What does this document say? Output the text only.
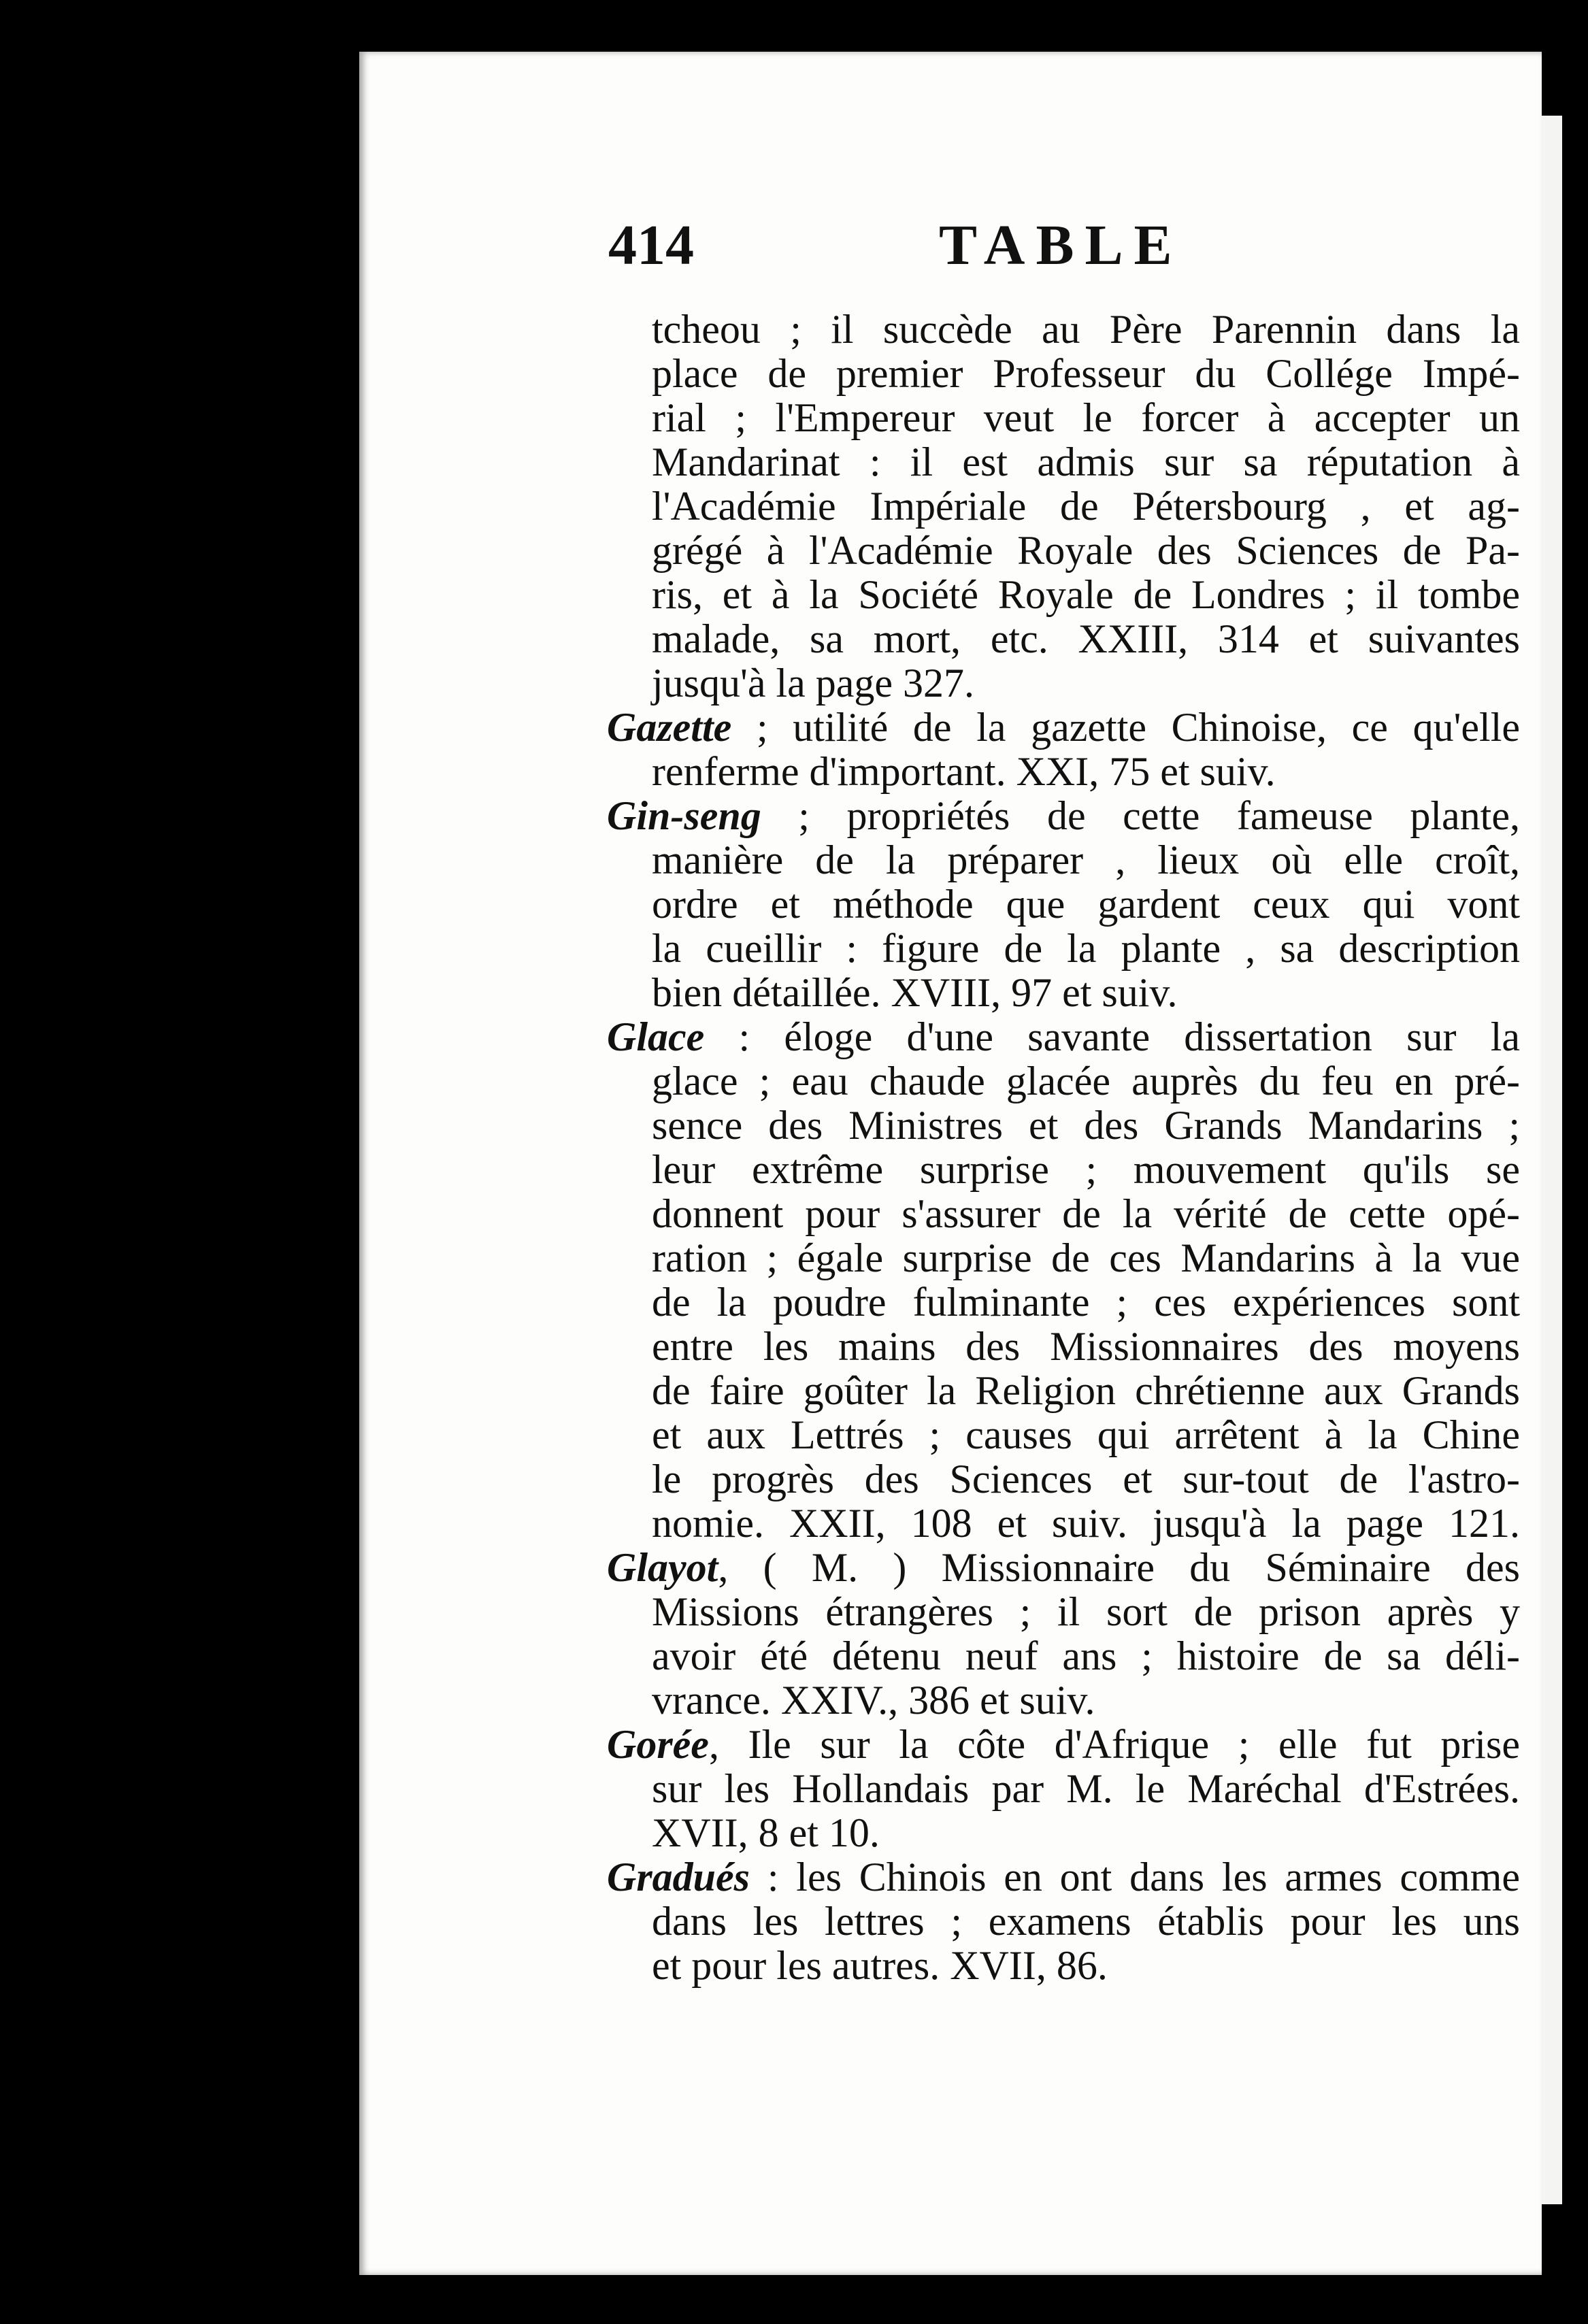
414	TABLE
tcheou ; il succède au Père Parennin dans la
place de premier Professeur du Collége Impé-
rial ; l'Empereur veut le forcer à accepter un
Mandarinat : il est admis sur sa réputation à
l'Académie Impériale de Pétersbourg , et ag-
grégé à l'Académie Royale des Sciences de Pa-
ris, et à la Société Royale de Londres ; il tombe
malade, sa mort, etc. XXIII, 314 et suivantes
jusqu'à la page 327.
Gazette ; utilité de la gazette Chinoise, ce qu'elle
renferme d'important. XXI, 75 et suiv.
Gin-seng ; propriétés de cette fameuse plante,
manière de la préparer , lieux où elle croît,
ordre et méthode que gardent ceux qui vont
la cueillir : figure de la plante , sa description
bien détaillée. XVIII, 97 et suiv.
Glace : éloge d'une savante dissertation sur la
glace ; eau chaude glacée auprès du feu en pré-
sence des Ministres et des Grands Mandarins ;
leur extrême surprise ; mouvement qu'ils se
donnent pour s'assurer de la vérité de cette opé-
ration ; égale surprise de ces Mandarins à la vue
de la poudre fulminante ; ces expériences sont
entre les mains des Missionnaires des moyens
de faire goûter la Religion chrétienne aux Grands
et aux Lettrés ; causes qui arrêtent à la Chine
le progrès des Sciences et sur-tout de l'astro-
nomie. XXII, 108 et suiv. jusqu'à la page 121.
Glayot, ( M. ) Missionnaire du Séminaire des
Missions étrangères ; il sort de prison après y
avoir été détenu neuf ans ; histoire de sa déli-
vrance. XXIV., 386 et suiv.
Gorée, Ile sur la côte d'Afrique ; elle fut prise
sur les Hollandais par M. le Maréchal d'Estrées.
XVII, 8 et 10.
Gradués : les Chinois en ont dans les armes comme
dans les lettres ; examens établis pour les uns
et pour les autres. XVII, 86.
